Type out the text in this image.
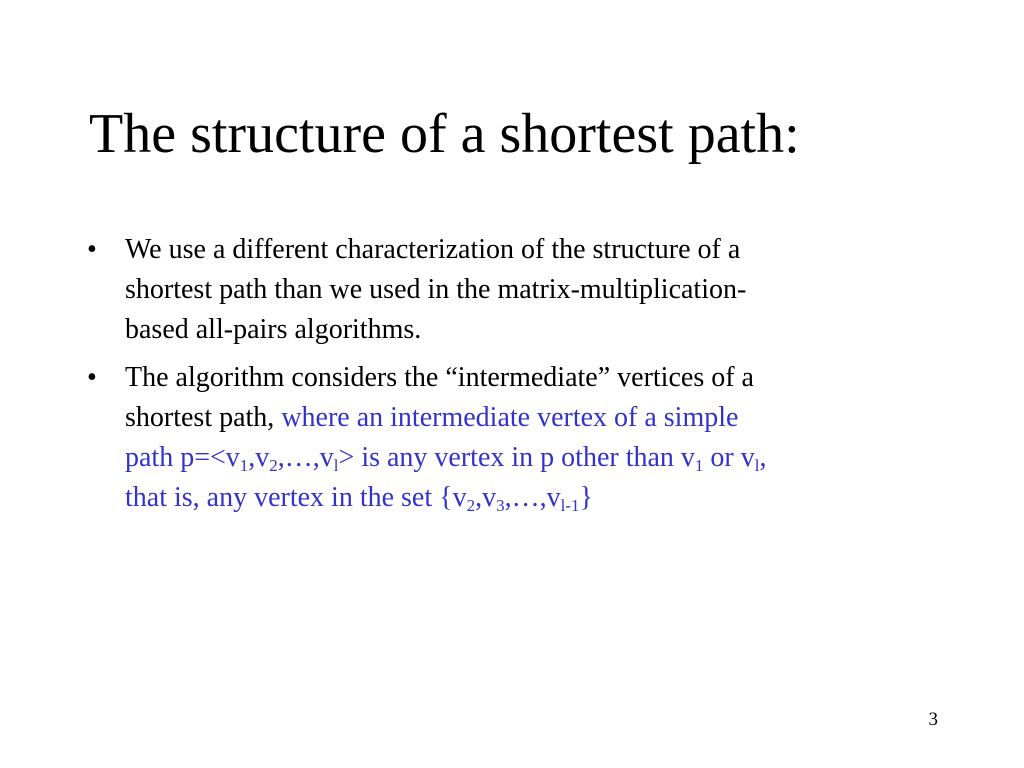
The structure of a shortest path:
• We use a different characterization of the structure of a
shortest path than we used in the matrix-multiplication-
based all-pairs algorithms.
• The algorithm considers the “intermediate” vertices of a
shortest path, where an intermediate vertex of a simple
path $p=<v_1,v_2,\dots,v_l>$ is any vertex in p other than $v_1$ or $v_l$,
that is, any vertex in the set $\{v_2,v_3,\dots,v_{l-1}\}$
3
